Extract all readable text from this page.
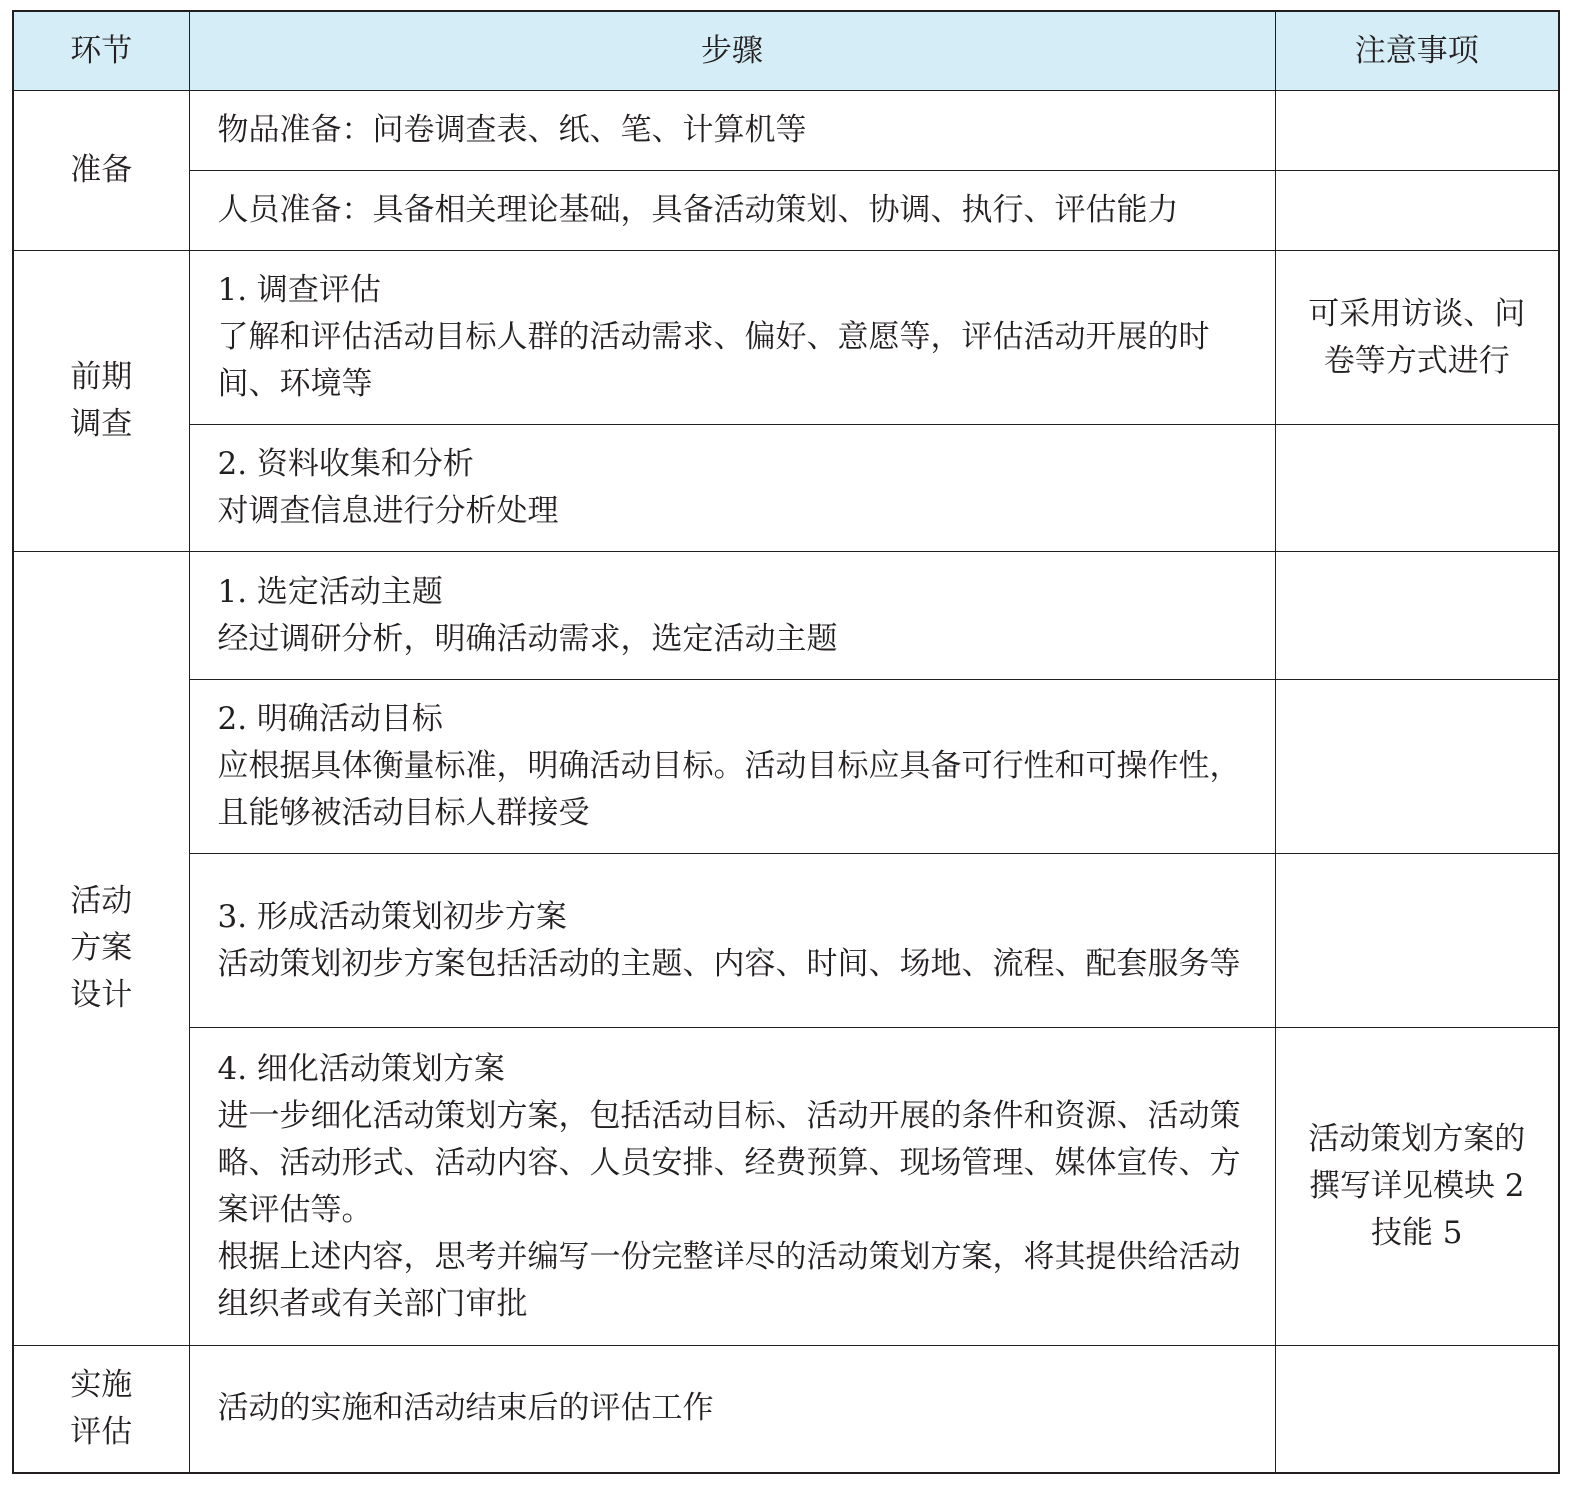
环节	步骤	注意事项

准备	物品准备：问卷调查表、纸、笔、计算机等	

	人员准备：具备相关理论基础，具备活动策划、协调、执行、评估能力	

前期
调查	1. 调查评估
了解和评估活动目标人群的活动需求、偏好、意愿等，评估活动开展的时间、环境等	可采用访谈、问卷等方式进行

	2. 资料收集和分析
对调查信息进行分析处理	

活动
方案
设计	1. 选定活动主题
经过调研分析，明确活动需求，选定活动主题	

	2. 明确活动目标
应根据具体衡量标准，明确活动目标。活动目标应具备可行性和可操作性，且能够被活动目标人群接受	

	3. 形成活动策划初步方案
活动策划初步方案包括活动的主题、内容、时间、场地、流程、配套服务等	

	4. 细化活动策划方案
进一步细化活动策划方案，包括活动目标、活动开展的条件和资源、活动策略、活动形式、活动内容、人员安排、经费预算、现场管理、媒体宣传、方案评估等。
根据上述内容，思考并编写一份完整详尽的活动策划方案，将其提供给活动组织者或有关部门审批	活动策划方案的撰写详见模块 2 技能 5

实施
评估	活动的实施和活动结束后的评估工作	
